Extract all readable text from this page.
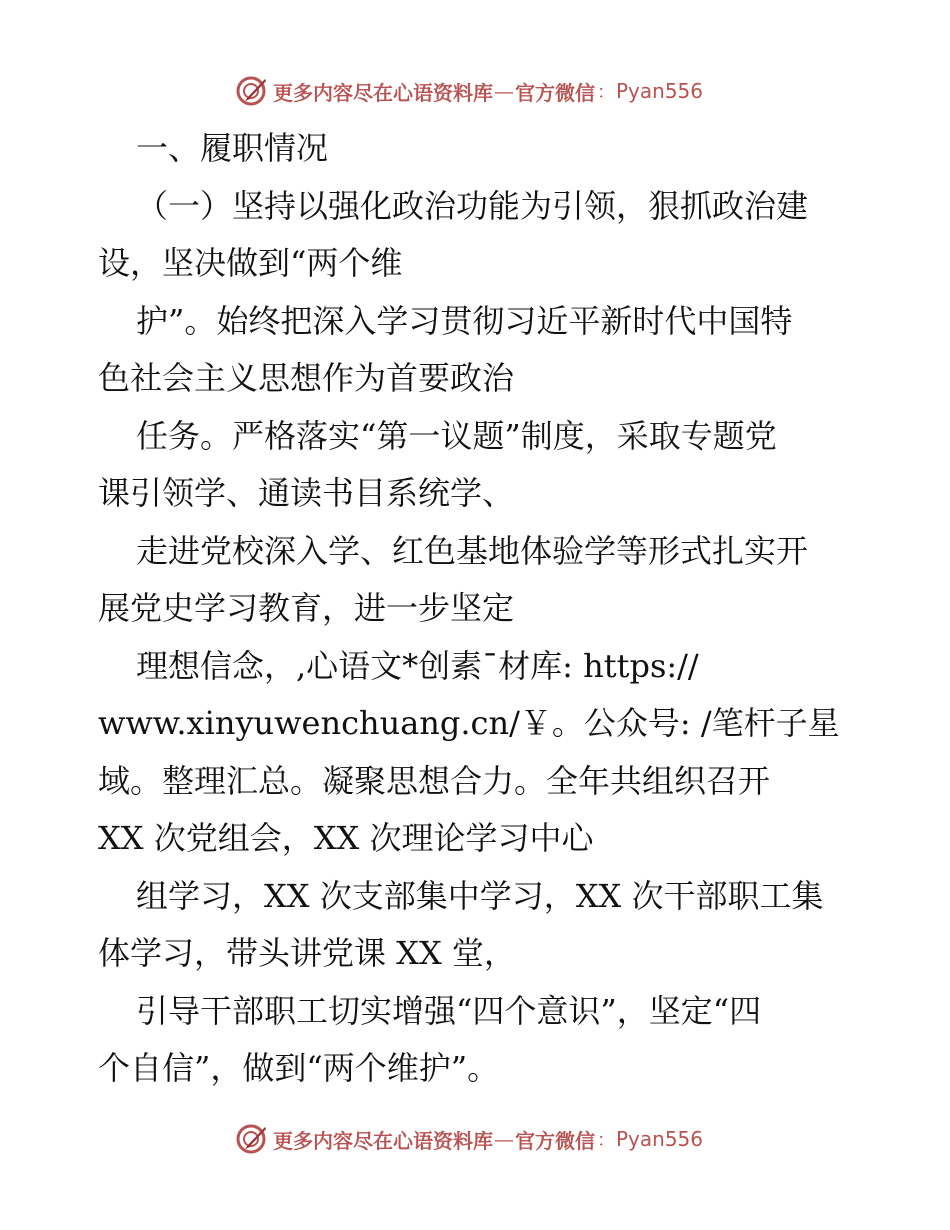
更多内容尽在心语资料库 — 官方微信 ： Pyan556
一、履职情况
（一）坚持以强化政治功能为引领，狠抓政治建
设，坚决做到“两个维
护”。始终把深入学习贯彻习近平新时代中国特
色社会主义思想作为首要政治
任务。严格落实“第一议题”制度，采取专题党
课引领学、通读书目系统学、
走进党校深入学、红色基地体验学等形式扎实开
展党史学习教育，进一步坚定
理想信念，,心语文*创素¯材库: https://
www.xinyuwenchuang.cn/￥。公众号: /笔杆子星
域。整理汇总。凝聚思想合力。全年共组织召开
XX 次党组会，XX 次理论学习中心
组学习，XX 次支部集中学习，XX 次干部职工集
体学习，带头讲党课 XX 堂，
引导干部职工切实增强“四个意识”，坚定“四
个自信”，做到“两个维护”。
更多内容尽在心语资料库 — 官方微信 ： Pyan556
